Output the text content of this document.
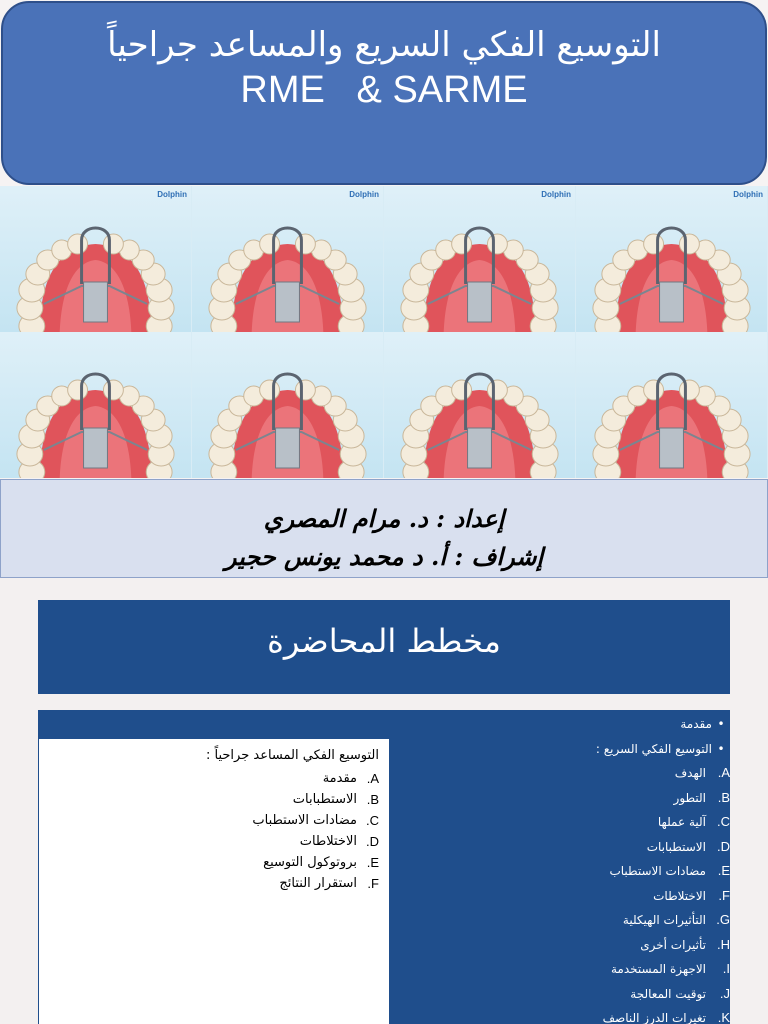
التوسيع الفكي السريع والمساعد جراحياً
RME   & SARME
Dolphin	Dolphin	Dolphin	Dolphin
إعداد : د. مرام المصري
إشراف : أ. د محمد يونس حجير
مخطط المحاضرة
التوسيع الفكي المساعد جراحياً :
A.
مقدمة
B.
الاستطبابات
C.
مضادات الاستطباب
D.
الاختلاطات
E.
بروتوكول التوسيع
F.
استقرار النتائج
•
مقدمة
•
التوسيع الفكي السريع :
A.
الهدف
B.
التطور
C.
آلية عملها
D.
الاستطبابات
E.
مضادات الاستطباب
F.
الاختلاطات
G.
التأثيرات الهيكلية
H.
تأثيرات أخرى
I.
الاجهزة المستخدمة
J.
توقيت المعالجة
K.
تغيرات الدرز الناصف
